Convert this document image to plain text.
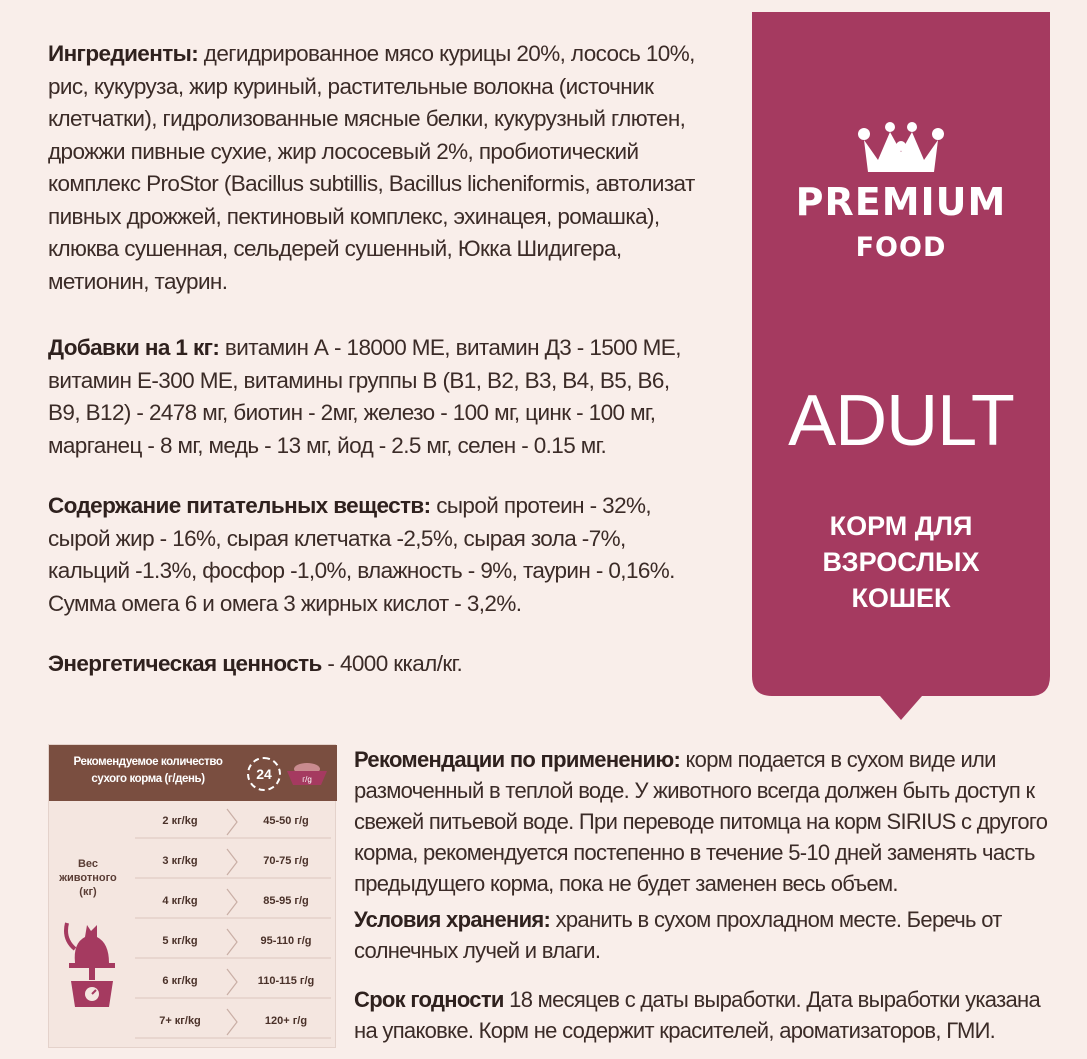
Ингредиенты: дегидрированное мясо курицы 20%, лосось 10%, рис, кукуруза, жир куриный, растительные волокна (источник клетчатки), гидролизованные мясные белки, кукурузный глютен, дрожжи пивные сухие, жир лососевый 2%, пробиотический комплекс ProStor (Bacillus subtillis, Bacillus licheniformis, автолизат пивных дрожжей, пектиновый комплекс, эхинацея, ромашка), клюква сушенная, сельдерей сушенный, Юкка Шидигера, метионин, таурин.

Добавки на 1 кг: витамин А - 18000 МЕ, витамин Д3 - 1500 МЕ, витамин Е-300 МЕ, витамины группы В (В1, В2, В3, В4, В5, В6, В9, В12) - 2478 мг, биотин - 2мг, железо - 100 мг, цинк - 100 мг, марганец - 8 мг, медь - 13 мг, йод - 2.5 мг, селен - 0.15 мг.

Содержание питательных веществ: сырой протеин - 32%, сырой жир - 16%, сырая клетчатка -2,5%, сырая зола -7%, кальций -1.3%, фосфор -1,0%, влажность - 9%, таурин - 0,16%. Сумма омега 6 и омега 3 жирных кислот - 3,2%.

Энергетическая ценность - 4000 ккал/кг.

PREMIUM
FOOD
ADULT
КОРМ ДЛЯ
ВЗРОСЛЫХ
КОШЕК
Рекомендуемое количество сухого корма (г/день)	24	г/g
Вес
животного
(кг)
2 кг/kg	45-50 г/g
3 кг/kg	70-75 г/g
4 кг/kg	85-95 г/g
5 кг/kg	95-110 г/g
6 кг/kg	110-115 г/g
7+ кг/kg	120+ г/g

Рекомендации по применению: корм подается в сухом виде или размоченный в теплой воде. У животного всегда должен быть доступ к свежей питьевой воде. При переводе питомца на корм SIRIUS с другого корма, рекомендуется постепенно в течение 5-10 дней заменять часть предыдущего корма, пока не будет заменен весь объем.

Условия хранения: хранить в сухом прохладном месте. Беречь от солнечных лучей и влаги.

Срок годности 18 месяцев с даты выработки. Дата выработки указана на упаковке. Корм не содержит красителей, ароматизаторов, ГМИ.
